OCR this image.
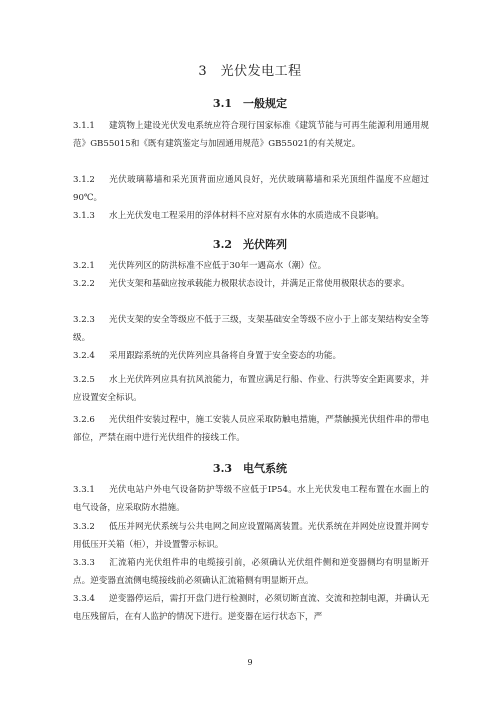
3　光伏发电工程
3.1　一般规定
3.1.1 建筑物上建设光伏发电系统应符合现行国家标准《建筑节能与可再生能源利用通用规范》GB55015和《既有建筑鉴定与加固通用规范》GB55021的有关规定。
3.1.2 光伏玻璃幕墙和采光顶背面应通风良好，光伏玻璃幕墙和采光顶组件温度不应超过90℃。
3.1.3 水上光伏发电工程采用的浮体材料不应对原有水体的水质造成不良影响。
3.2　光伏阵列
3.2.1 光伏阵列区的防洪标准不应低于30年一遇高水（潮）位。
3.2.2 光伏支架和基础应按承载能力极限状态设计，并满足正常使用极限状态的要求。
3.2.3 光伏支架的安全等级应不低于三级，支架基础安全等级不应小于上部支架结构安全等级。
3.2.4 采用跟踪系统的光伏阵列应具备将自身置于安全姿态的功能。
3.2.5 水上光伏阵列应具有抗风浪能力，布置应满足行船、作业、行洪等安全距离要求，并应设置安全标识。
3.2.6 光伏组件安装过程中，施工安装人员应采取防触电措施，严禁触摸光伏组件串的带电部位，严禁在雨中进行光伏组件的接线工作。
3.3　电气系统
3.3.1 光伏电站户外电气设备防护等级不应低于IP54。水上光伏发电工程布置在水面上的电气设备，应采取防水措施。
3.3.2 低压并网光伏系统与公共电网之间应设置隔离装置。光伏系统在并网处应设置并网专用低压开关箱（柜），并设置警示标识。
3.3.3 汇流箱内光伏组件串的电缆接引前，必须确认光伏组件侧和逆变器侧均有明显断开点。逆变器直流侧电缆接线前必须确认汇流箱侧有明显断开点。
3.3.4 逆变器停运后，需打开盘门进行检测时，必须切断直流、交流和控制电源，并确认无电压残留后，在有人监护的情况下进行。逆变器在运行状态下，严
9
